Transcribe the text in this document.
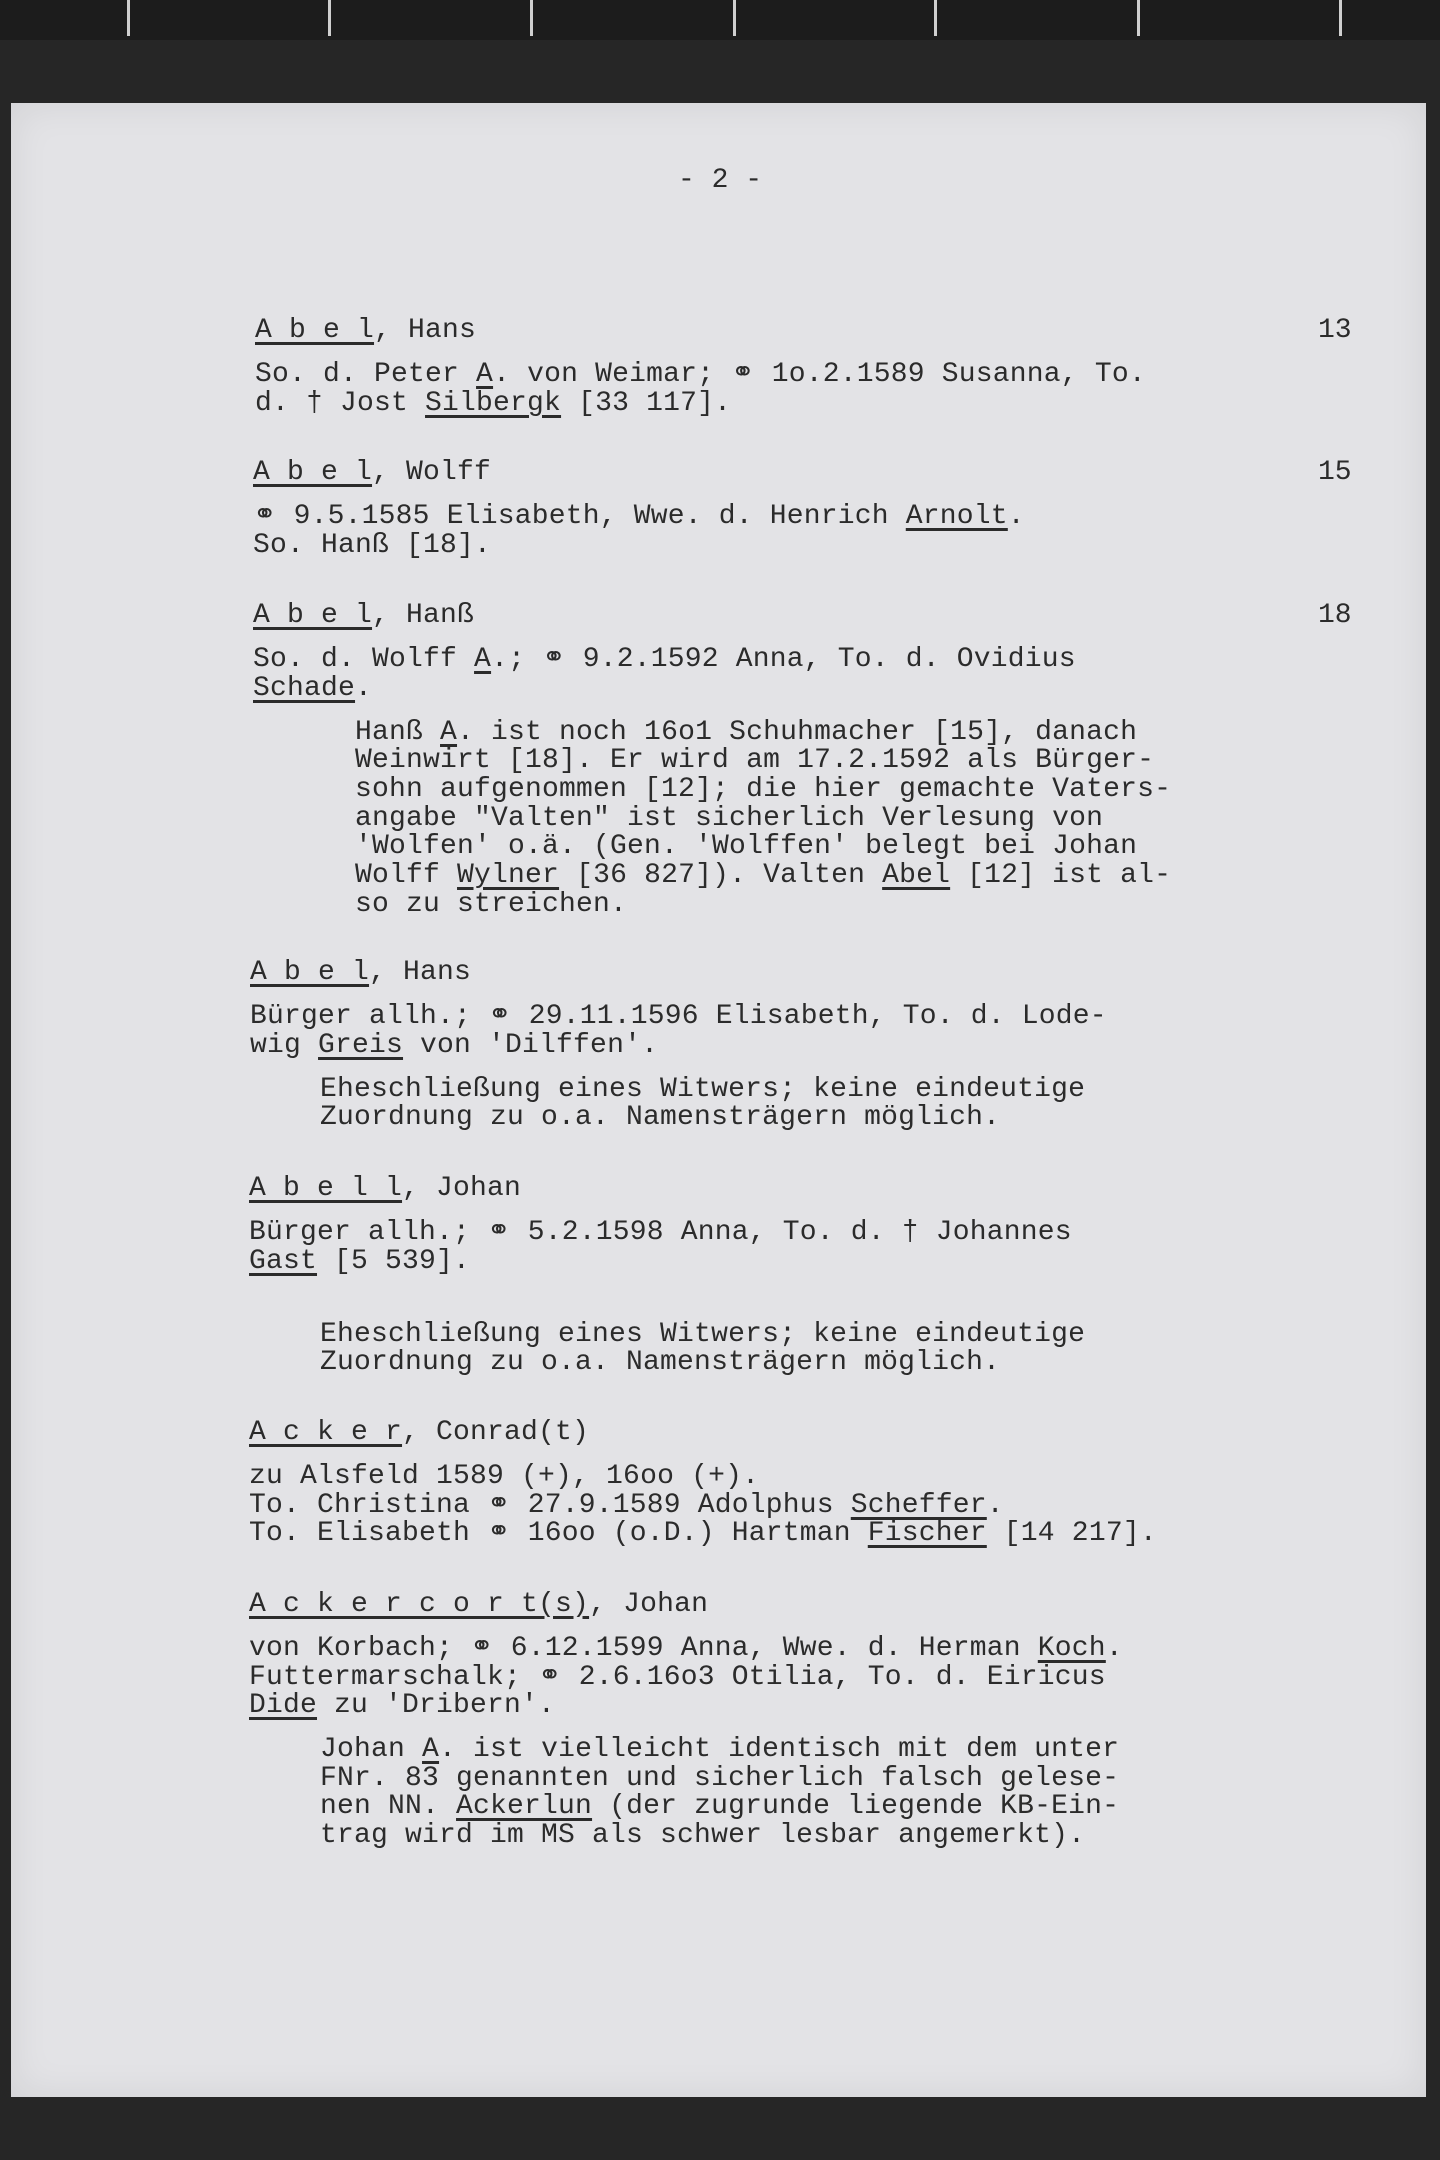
- 2 -
A b e l, Hans	13
So. d. Peter A. von Weimar; ⚭ 1o.2.1589 Susanna, To.
d. † Jost Silbergk [33 117].
A b e l, Wolff	15
⚭ 9.5.1585 Elisabeth, Wwe. d. Henrich Arnolt.
So. Hanß [18].
A b e l, Hanß	18
So. d. Wolff A.; ⚭ 9.2.1592 Anna, To. d. Ovidius
Schade.
Hanß A. ist noch 16o1 Schuhmacher [15], danach
Weinwirt [18]. Er wird am 17.2.1592 als Bürger-
sohn aufgenommen [12]; die hier gemachte Vaters-
angabe "Valten" ist sicherlich Verlesung von
'Wolfen' o.ä. (Gen. 'Wolffen' belegt bei Johan
Wolff Wylner [36 827]). Valten Abel [12] ist al-
so zu streichen.
A b e l, Hans
Bürger allh.; ⚭ 29.11.1596 Elisabeth, To. d. Lode-
wig Greis von 'Dilffen'.
Eheschließung eines Witwers; keine eindeutige
Zuordnung zu o.a. Namensträgern möglich.
A b e l l, Johan
Bürger allh.; ⚭ 5.2.1598 Anna, To. d. † Johannes
Gast [5 539].
Eheschließung eines Witwers; keine eindeutige
Zuordnung zu o.a. Namensträgern möglich.
A c k e r, Conrad(t)
zu Alsfeld 1589 (+), 16oo (+).
To. Christina ⚭ 27.9.1589 Adolphus Scheffer.
To. Elisabeth ⚭ 16oo (o.D.) Hartman Fischer [14 217].
A c k e r c o r t(s), Johan
von Korbach; ⚭ 6.12.1599 Anna, Wwe. d. Herman Koch.
Futtermarschalk; ⚭ 2.6.16o3 Otilia, To. d. Eiricus
Dide zu 'Dribern'.
Johan A. ist vielleicht identisch mit dem unter
FNr. 83 genannten und sicherlich falsch gelese-
nen NN. Ackerlun (der zugrunde liegende KB-Ein-
trag wird im MS als schwer lesbar angemerkt).
